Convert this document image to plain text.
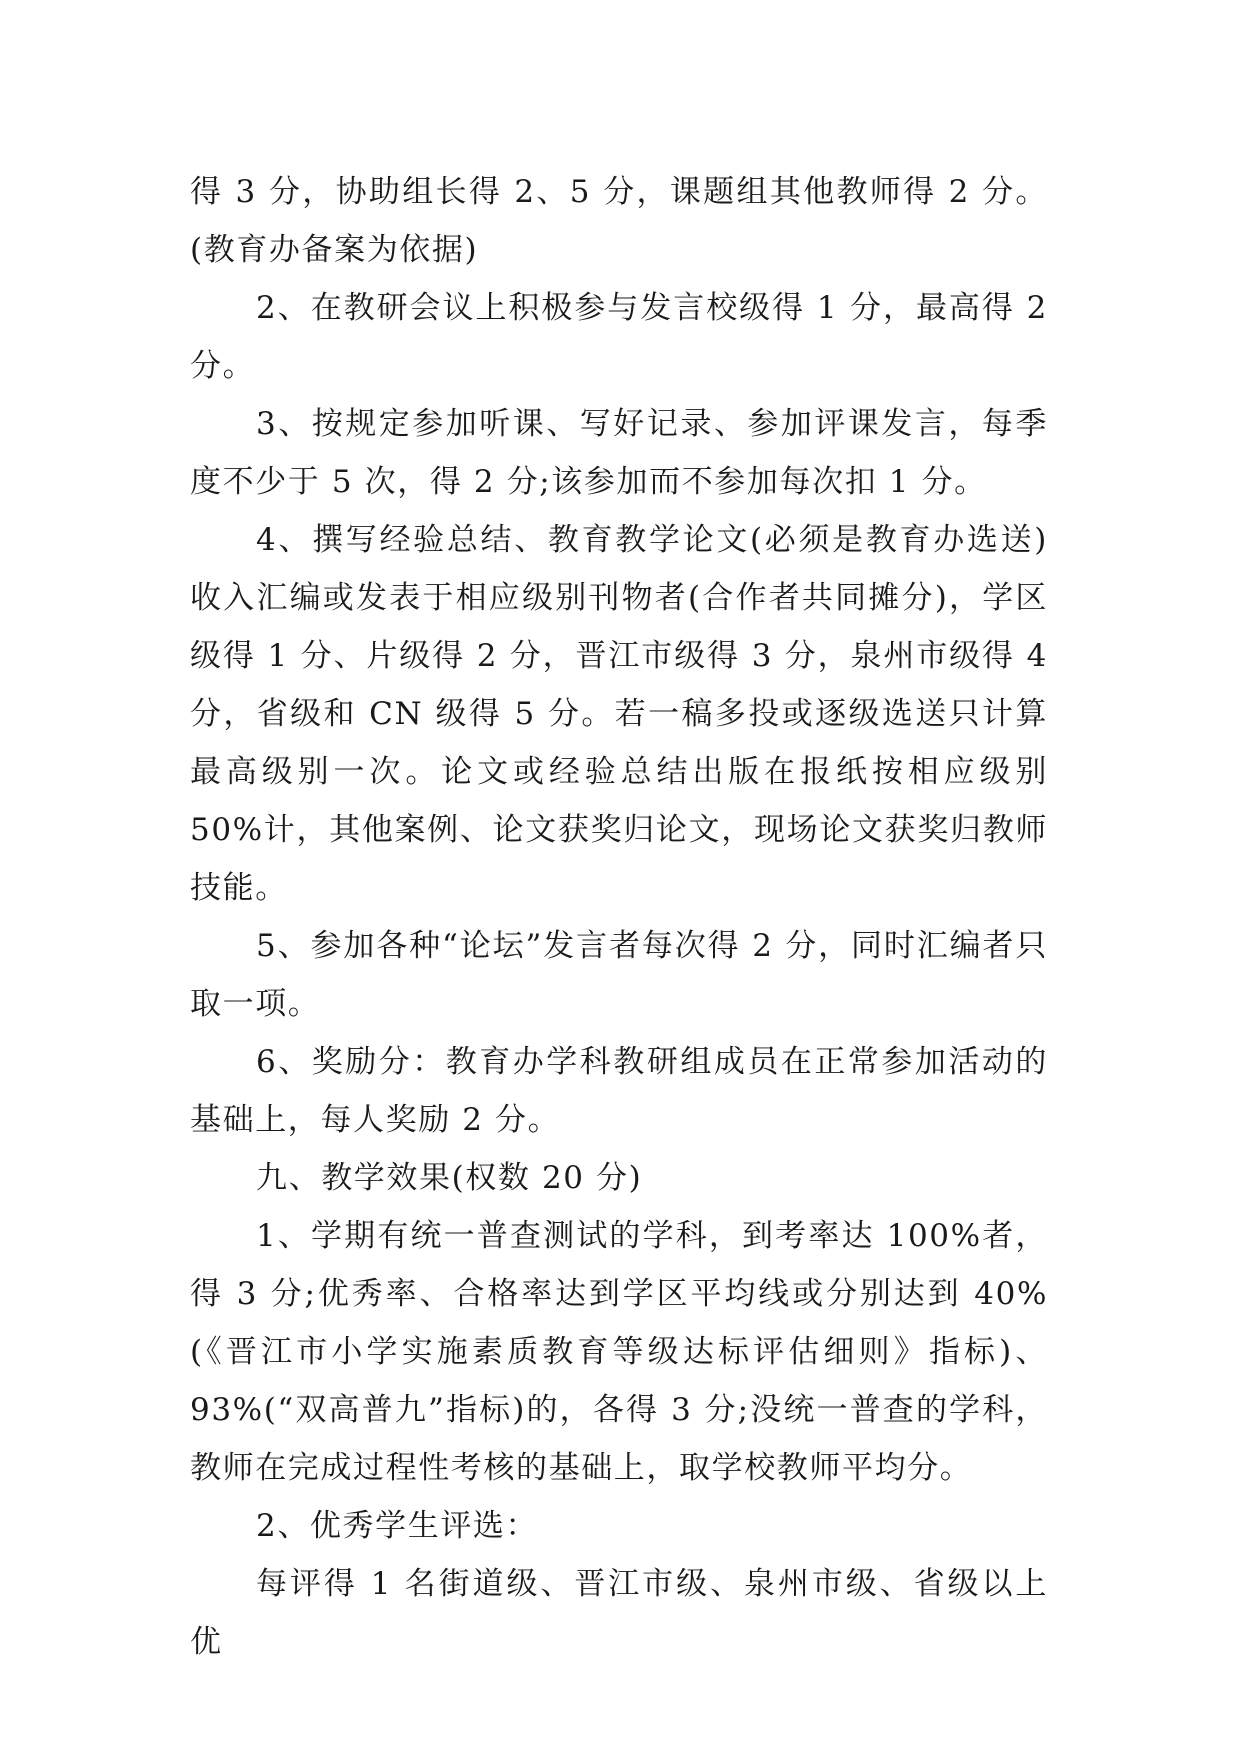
得 3 分，协助组长得 2、5 分，课题组其他教师得 2 分。(教育办备案为依据)

2、在教研会议上积极参与发言校级得 1 分，最高得 2 分。

3、按规定参加听课、写好记录、参加评课发言，每季度不少于 5 次，得 2 分;该参加而不参加每次扣 1 分。

4、撰写经验总结、教育教学论文(必须是教育办选送)收入汇编或发表于相应级别刊物者(合作者共同摊分)，学区级得 1 分、片级得 2 分，晋江市级得 3 分，泉州市级得 4 分，省级和 CN 级得 5 分。若一稿多投或逐级选送只计算最高级别一次。论文或经验总结出版在报纸按相应级别 50%计，其他案例、论文获奖归论文，现场论文获奖归教师技能。

5、参加各种“论坛”发言者每次得 2 分，同时汇编者只取一项。

6、奖励分：教育办学科教研组成员在正常参加活动的基础上，每人奖励 2 分。

九、教学效果(权数 20 分)

1、学期有统一普查测试的学科，到考率达 100%者，得 3 分;优秀率、合格率达到学区平均线或分别达到 40%(《晋江市小学实施素质教育等级达标评估细则》指标)、93%(“双高普九”指标)的，各得 3 分;没统一普查的学科，教师在完成过程性考核的基础上，取学校教师平均分。

2、优秀学生评选：

每评得 1 名街道级、晋江市级、泉州市级、省级以上优
